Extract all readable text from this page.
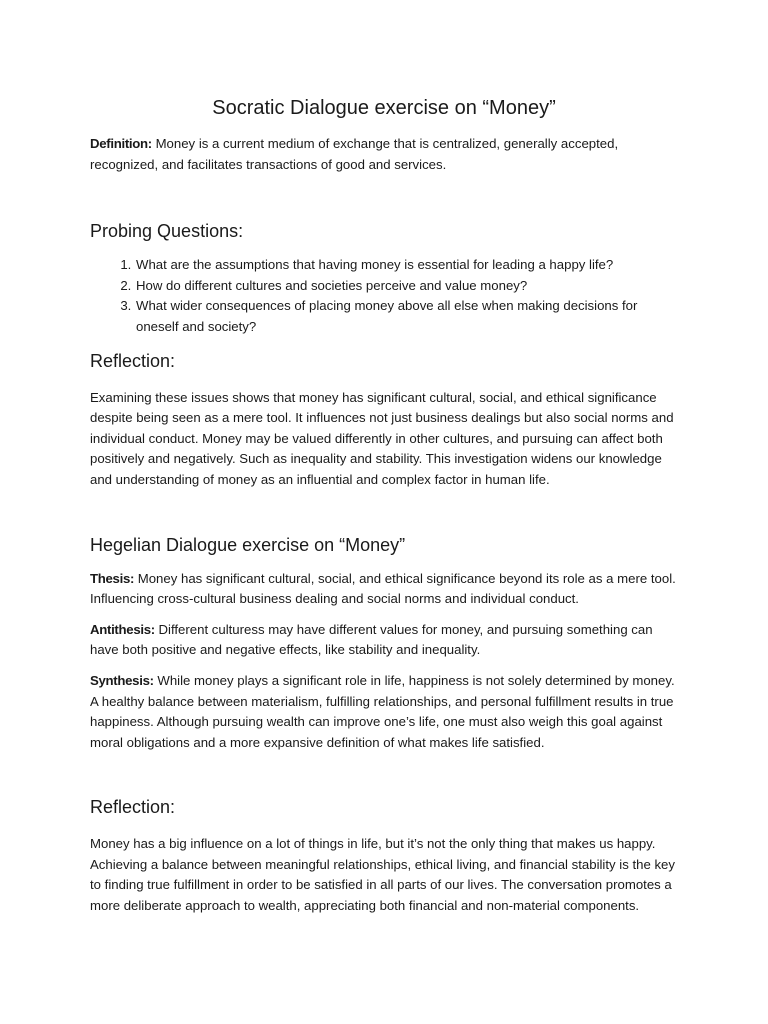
Socratic Dialogue exercise on “Money”

Definition: Money is a current medium of exchange that is centralized, generally accepted, recognized, and facilitates transactions of good and services.

Probing Questions:
1. What are the assumptions that having money is essential for leading a happy life?
2. How do different cultures and societies perceive and value money?
3. What wider consequences of placing money above all else when making decisions for oneself and society?
Reflection:

Examining these issues shows that money has significant cultural, social, and ethical significance despite being seen as a mere tool. It influences not just business dealings but also social norms and individual conduct. Money may be valued differently in other cultures, and pursuing can affect both positively and negatively. Such as inequality and stability. This investigation widens our knowledge and understanding of money as an influential and complex factor in human life.

Hegelian Dialogue exercise on “Money”

Thesis: Money has significant cultural, social, and ethical significance beyond its role as a mere tool. Influencing cross-cultural business dealing and social norms and individual conduct.

Antithesis: Different culturess may have different values for money, and pursuing something can have both positive and negative effects, like stability and inequality.

Synthesis: While money plays a significant role in life, happiness is not solely determined by money. A healthy balance between materialism, fulfilling relationships, and personal fulfillment results in true happiness. Although pursuing wealth can improve one’s life, one must also weigh this goal against moral obligations and a more expansive definition of what makes life satisfied.

Reflection:

Money has a big influence on a lot of things in life, but it’s not the only thing that makes us happy. Achieving a balance between meaningful relationships, ethical living, and financial stability is the key to finding true fulfillment in order to be satisfied in all parts of our lives. The conversation promotes a more deliberate approach to wealth, appreciating both financial and non-material components.
